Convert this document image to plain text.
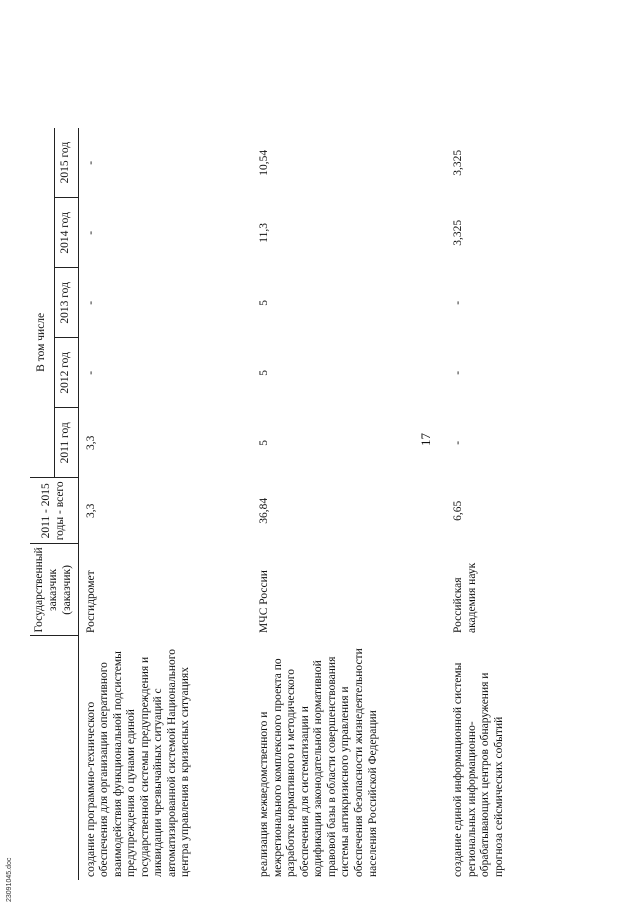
17
23091045.doc
	Государственный заказчик (заказчик)	2011 - 2015 годы - всего	В том числе				
			2011 год	2012 год	2013 год	2014 год	2015 год
создание программно-технического обеспечения для организации оперативного взаимодействия функциональной подсистемы предупреждения о цунами единой государственной системы предупреждения и ликвидации чрезвычайных ситуаций с автоматизированной системой Национального центра управления в кризисных ситуациях	Росгидромет	3,3	3,3	-	-	-	-
реализация межведомственного и межрегионального комплексного проекта по разработке нормативного и методического обеспечения для систематизации и кодификации законодательной нормативной правовой базы в области совершенствования системы антикризисного управления и обеспечения безопасности жизнедеятельности населения Российской Федерации	МЧС России	36,84	5	5	5	11,3	10,54
создание единой информационной системы региональных информационно-обрабатывающих центров обнаружения и прогноза сейсмических событий	Российская академия наук	6,65	-	-	-	3,325	3,325
